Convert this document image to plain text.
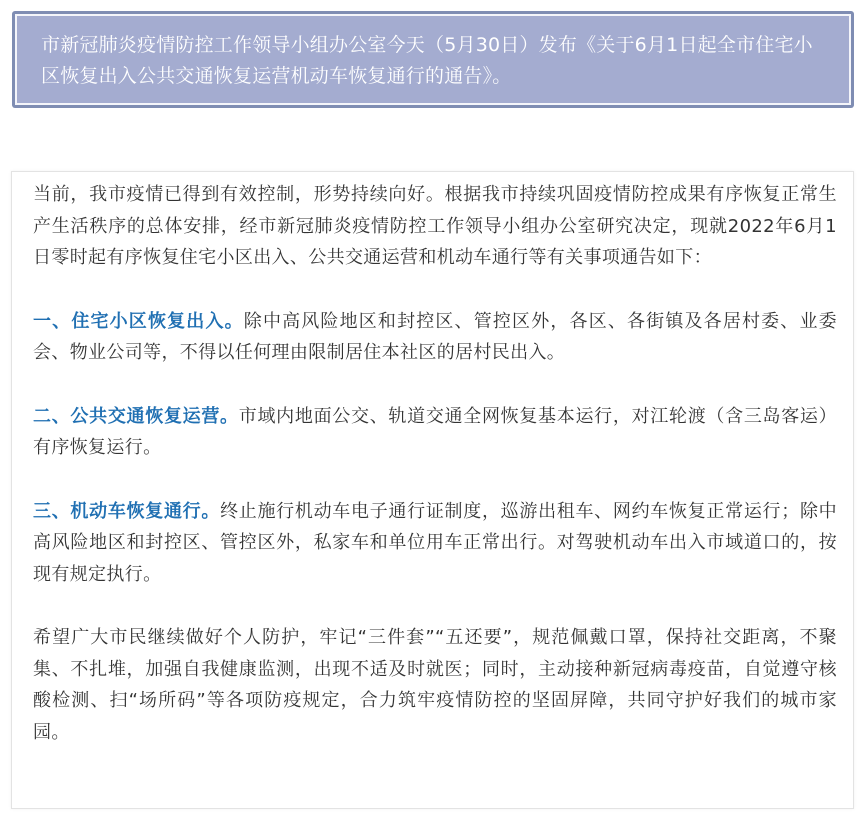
市新冠肺炎疫情防控工作领导小组办公室今天（5月30日）发布《关于6月1日起全市住宅小区恢复出入公共交通恢复运营机动车恢复通行的通告》。

当前，我市疫情已得到有效控制，形势持续向好。根据我市持续巩固疫情防控成果有序恢复正常生产生活秩序的总体安排，经市新冠肺炎疫情防控工作领导小组办公室研究决定，现就2022年6月1日零时起有序恢复住宅小区出入、公共交通运营和机动车通行等有关事项通告如下：

一、住宅小区恢复出入。除中高风险地区和封控区、管控区外，各区、各街镇及各居村委、业委会、物业公司等，不得以任何理由限制居住本社区的居村民出入。

二、公共交通恢复运营。市域内地面公交、轨道交通全网恢复基本运行，对江轮渡（含三岛客运）有序恢复运行。

三、机动车恢复通行。终止施行机动车电子通行证制度，巡游出租车、网约车恢复正常运行；除中高风险地区和封控区、管控区外，私家车和单位用车正常出行。对驾驶机动车出入市域道口的，按现有规定执行。

希望广大市民继续做好个人防护，牢记“三件套”“五还要”，规范佩戴口罩，保持社交距离，不聚集、不扎堆，加强自我健康监测，出现不适及时就医；同时，主动接种新冠病毒疫苗，自觉遵守核酸检测、扫“场所码”等各项防疫规定，合力筑牢疫情防控的坚固屏障，共同守护好我们的城市家园。
